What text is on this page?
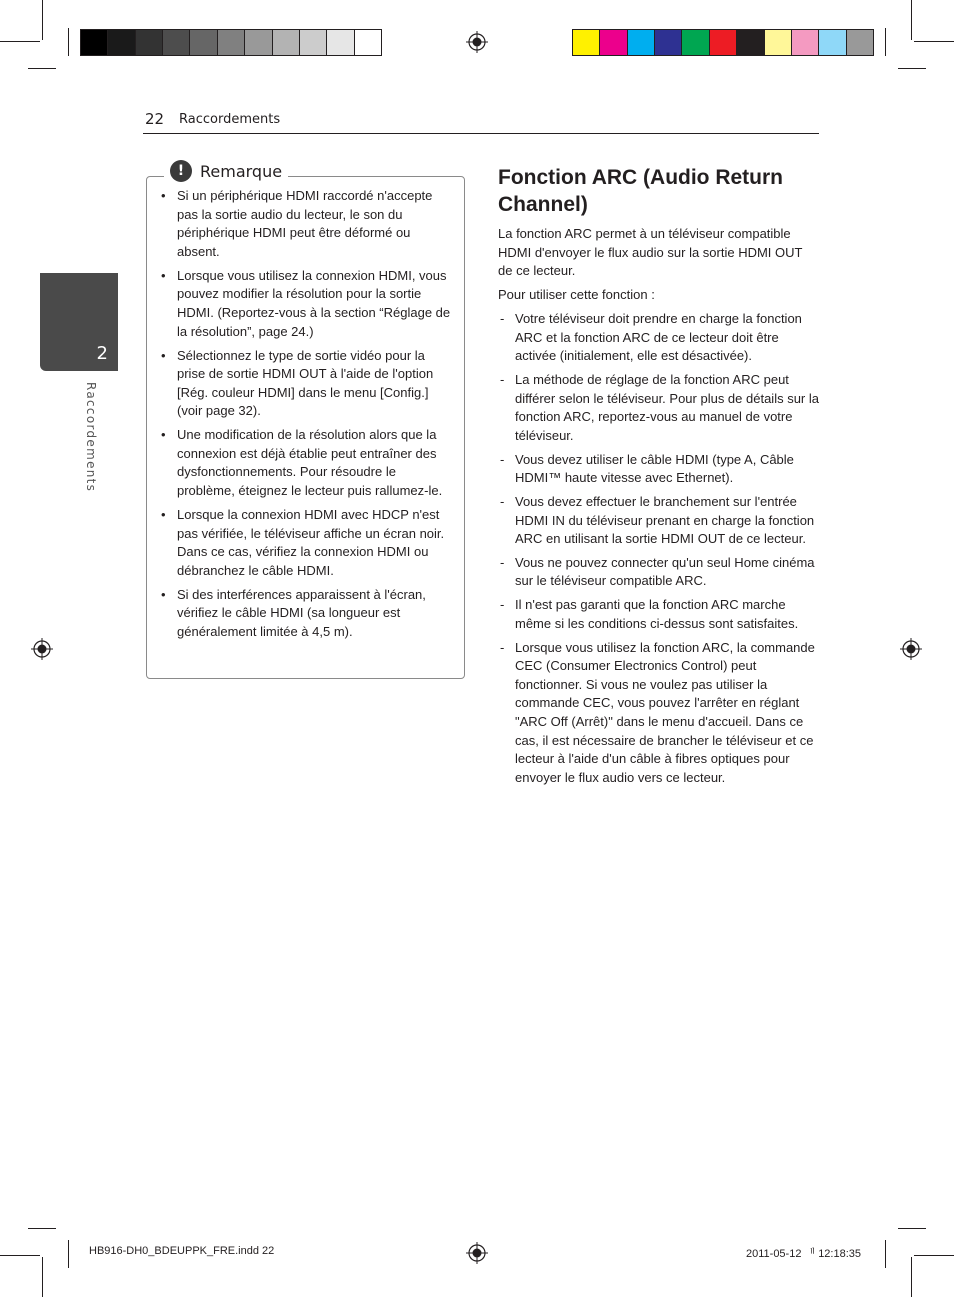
22 Raccordements
2
Raccordements
! Remarque
• Si un périphérique HDMI raccordé n'accepte pas la sortie audio du lecteur, le son du périphérique HDMI peut être déformé ou absent.
• Lorsque vous utilisez la connexion HDMI, vous pouvez modifier la résolution pour la sortie HDMI. (Reportez-vous à la section “Réglage de la résolution”, page 24.)
• Sélectionnez le type de sortie vidéo pour la prise de sortie HDMI OUT à l'aide de l'option [Rég. couleur HDMI] dans le menu [Config.] (voir page 32).
• Une modification de la résolution alors que la connexion est déjà établie peut entraîner des dysfonctionnements. Pour résoudre le problème, éteignez le lecteur puis rallumez-le.
• Lorsque la connexion HDMI avec HDCP n'est pas vérifiée, le téléviseur affiche un écran noir. Dans ce cas, vérifiez la connexion HDMI ou débranchez le câble HDMI.
• Si des interférences apparaissent à l'écran, vérifiez le câble HDMI (sa longueur est généralement limitée à 4,5 m).
Fonction ARC (Audio Return Channel)

La fonction ARC permet à un téléviseur compatible HDMI d'envoyer le flux audio sur la sortie HDMI OUT de ce lecteur.

Pour utiliser cette fonction :

- Votre téléviseur doit prendre en charge la fonction ARC et la fonction ARC de ce lecteur doit être activée (initialement, elle est désactivée).
- La méthode de réglage de la fonction ARC peut différer selon le téléviseur. Pour plus de détails sur la fonction ARC, reportez-vous au manuel de votre téléviseur.
- Vous devez utiliser le câble HDMI (type A, Câble HDMI™ haute vitesse avec Ethernet).
- Vous devez effectuer le branchement sur l'entrée HDMI IN du téléviseur prenant en charge la fonction ARC en utilisant la sortie HDMI OUT de ce lecteur.
- Vous ne pouvez connecter qu'un seul Home cinéma sur le téléviseur compatible ARC.
- Il n'est pas garanti que la fonction ARC marche même si les conditions ci-dessus sont satisfaites.
- Lorsque vous utilisez la fonction ARC, la commande CEC (Consumer Electronics Control) peut fonctionner. Si vous ne voulez pas utiliser la commande CEC, vous pouvez l'arrêter en réglant "ARC Off (Arrêt)" dans le menu d'accueil. Dans ce cas, il est nécessaire de brancher le téléviseur et ce lecteur à l'aide d'un câble à fibres optiques pour envoyer le flux audio vers ce lecteur.
HB916-DH0_BDEUPPK_FRE.indd 22	2011-05-12 ᅵᅵ 12:18:35
